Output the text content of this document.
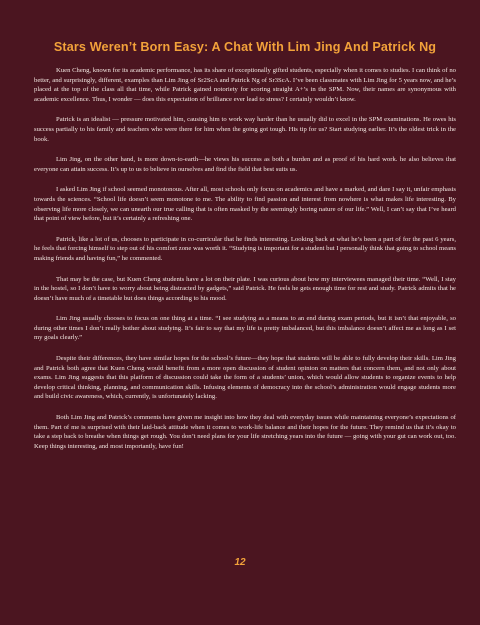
Stars Weren’t Born Easy: A Chat With Lim Jing And Patrick Ng

Kuen Cheng, known for its academic performance, has its share of exceptionally gifted students, especially when it comes to studies. I can think of no better, and surprisingly, different, examples than Lim Jing of Sr2ScA and Patrick Ng of Sr3ScA. I’ve been classmates with Lim Jing for 5 years now, and he’s placed at the top of the class all that time, while Patrick gained notoriety for scoring straight A+’s in the SPM. Now, their names are synonymous with academic excellence. Thus, I wonder — does this expectation of brilliance ever lead to stress? I certainly wouldn’t know.

Patrick is an idealist — pressure motivated him, causing him to work way harder than he usually did to excel in the SPM examinations. He owes his success partially to his family and teachers who were there for him when the going got tough. His tip for us? Start studying earlier. It’s the oldest trick in the book.

Lim Jing, on the other hand, is more down-to-earth—he views his success as both a burden and as proof of his hard work. he also believes that everyone can attain success. It’s up to us to believe in ourselves and find the field that best suits us.

I asked Lim Jing if school seemed monotonous. After all, most schools only focus on academics and have a marked, and dare I say it, unfair emphasis towards the sciences. “School life doesn’t seem monotone to me. The ability to find passion and interest from nowhere is what makes life interesting. By observing life more closely, we can unearth our true calling that is often masked by the seemingly boring nature of our life.” Well, I can’t say that I’ve heard that point of view before, but it’s certainly a refreshing one.

Patrick, like a lot of us, chooses to participate in co-curricular that he finds interesting. Looking back at what he’s been a part of for the past 6 years, he feels that forcing himself to step out of his comfort zone was worth it. “Studying is important for a student but I personally think that going to school means making friends and having fun,” he commented.

That may be the case, but Kuen Cheng students have a lot on their plate. I was curious about how my interviewees managed their time. “Well, I stay in the hostel, so I don’t have to worry about being distracted by gadgets,” said Patrick. He feels he gets enough time for rest and study. Patrick admits that he doesn’t have much of a timetable but does things according to his mood.

Lim Jing usually chooses to focus on one thing at a time. “I see studying as a means to an end during exam periods, but it isn’t that enjoyable, so during other times I don’t really bother about studying. It’s fair to say that my life is pretty imbalanced, but this imbalance doesn’t affect me as long as I set my goals clearly.”

Despite their differences, they have similar hopes for the school’s future—they hope that students will be able to fully develop their skills. Lim Jing and Patrick both agree that Kuen Cheng would benefit from a more open discussion of student opinion on matters that concern them, and not only about exams. Lim Jing suggests that this platform of discussion could take the form of a students’ union, which would allow students to organize events to help develop critical thinking, planning, and communication skills. Infusing elements of democracy into the school’s administration would engage students more and build civic awareness, which, currently, is unfortunately lacking.

Both Lim Jing and Patrick’s comments have given me insight into how they deal with everyday issues while maintaining everyone’s expectations of them. Part of me is surprised with their laid-back attitude when it comes to work-life balance and their hopes for the future. They remind us that it’s okay to take a step back to breathe when things get rough. You don’t need plans for your life stretching years into the future — going with your gut can work out, too. Keep things interesting, and most importantly, have fun!

12
